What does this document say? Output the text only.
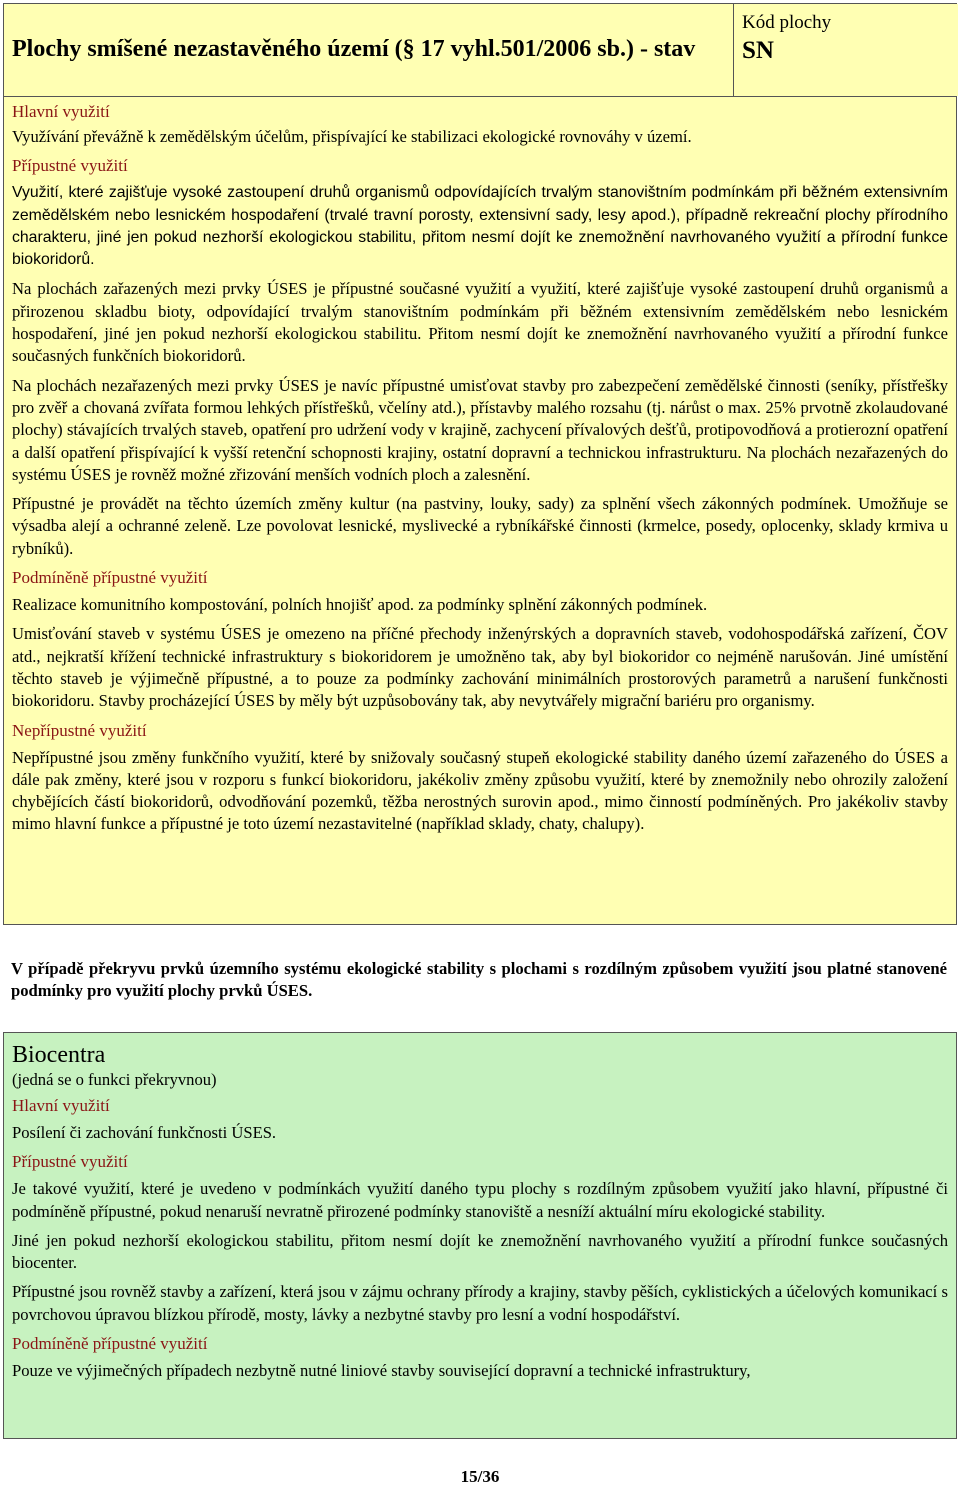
Plochy smíšené nezastavěného území (§ 17 vyhl.501/2006 sb.) - stav
Kód plochy
SN
Hlavní využití

Využívání převážně k zemědělským účelům, přispívající ke stabilizaci ekologické rovnováhy v území.

Přípustné využití

Využití, které zajišťuje vysoké zastoupení druhů organismů odpovídajících trvalým stanovištním podmínkám při běžném extensivním zemědělském nebo lesnickém hospodaření (trvalé travní porosty, extensivní sady, lesy apod.), případně rekreační plochy přírodního charakteru, jiné jen pokud nezhorší ekologickou stabilitu, přitom nesmí dojít ke znemožnění navrhovaného využití a přírodní funkce biokoridorů.

Na plochách zařazených mezi prvky ÚSES je přípustné současné využití a využití, které zajišťuje vysoké zastoupení druhů organismů a přirozenou skladbu bioty, odpovídající trvalým stanovištním podmínkám při běžném extensivním zemědělském nebo lesnickém hospodaření, jiné jen pokud nezhorší ekologickou stabilitu. Přitom nesmí dojít ke znemožnění navrhovaného využití a přírodní funkce současných funkčních biokoridorů.

Na plochách nezařazených mezi prvky ÚSES je navíc přípustné umisťovat stavby pro zabezpečení zemědělské činnosti (seníky, přístřešky pro zvěř a chovaná zvířata formou lehkých přístřešků, včelíny atd.), přístavby malého rozsahu (tj. nárůst o max. 25% prvotně zkolaudované plochy) stávajících trvalých staveb, opatření pro udržení vody v krajině, zachycení přívalových dešťů, protipovodňová a protierozní opatření a další opatření přispívající k vyšší retenční schopnosti krajiny, ostatní dopravní a technickou infrastrukturu. Na plochách nezařazených do systému ÚSES je rovněž možné zřizování menších vodních ploch a zalesnění.

Přípustné je provádět na těchto územích změny kultur (na pastviny, louky, sady) za splnění všech zákonných podmínek. Umožňuje se výsadba alejí a ochranné zeleně. Lze povolovat lesnické, myslivecké a rybníkářské činnosti (krmelce, posedy, oplocenky, sklady krmiva u rybníků).

Podmíněně přípustné využití

Realizace komunitního kompostování, polních hnojišť apod. za podmínky splnění zákonných podmínek.

Umisťování staveb v systému ÚSES je omezeno na příčné přechody inženýrských a dopravních staveb, vodohospodářská zařízení, ČOV atd., nejkratší křížení technické infrastruktury s biokoridorem je umožněno tak, aby byl biokoridor co nejméně narušován. Jiné umístění těchto staveb je výjimečně přípustné, a to pouze za podmínky zachování minimálních prostorových parametrů a narušení funkčnosti biokoridoru. Stavby procházející ÚSES by měly být uzpůsobovány tak, aby nevytvářely migrační bariéru pro organismy.

Nepřípustné využití

Nepřípustné jsou změny funkčního využití, které by snižovaly současný stupeň ekologické stability daného území zařazeného do ÚSES a dále pak změny, které jsou v rozporu s funkcí biokoridoru, jakékoliv změny způsobu využití, které by znemožnily nebo ohrozily založení chybějících částí biokoridorů, odvodňování pozemků, těžba nerostných surovin apod., mimo činností podmíněných. Pro jakékoliv stavby mimo hlavní funkce a přípustné je toto území nezastavitelné (například sklady, chaty, chalupy).

V případě překryvu prvků územního systému ekologické stability s plochami s rozdílným způsobem využití jsou platné stanovené podmínky pro využití plochy prvků ÚSES.

Biocentra
(jedná se o funkci překryvnou)
Hlavní využití

Posílení či zachování funkčnosti ÚSES.

Přípustné využití

Je takové využití, které je uvedeno v podmínkách využití daného typu plochy s rozdílným způsobem využití jako hlavní, přípustné či podmíněně přípustné, pokud nenaruší nevratně přirozené podmínky stanoviště a nesníží aktuální míru ekologické stability.

Jiné jen pokud nezhorší ekologickou stabilitu, přitom nesmí dojít ke znemožnění navrhovaného využití a přírodní funkce současných biocenter.

Přípustné jsou rovněž stavby a zařízení, která jsou v zájmu ochrany přírody a krajiny, stavby pěších, cyklistických a účelových komunikací s povrchovou úpravou blízkou přírodě, mosty, lávky a nezbytné stavby pro lesní a vodní hospodářství.

Podmíněně přípustné využití

Pouze ve výjimečných případech nezbytně nutné liniové stavby související dopravní a technické infrastruktury,

15/36
